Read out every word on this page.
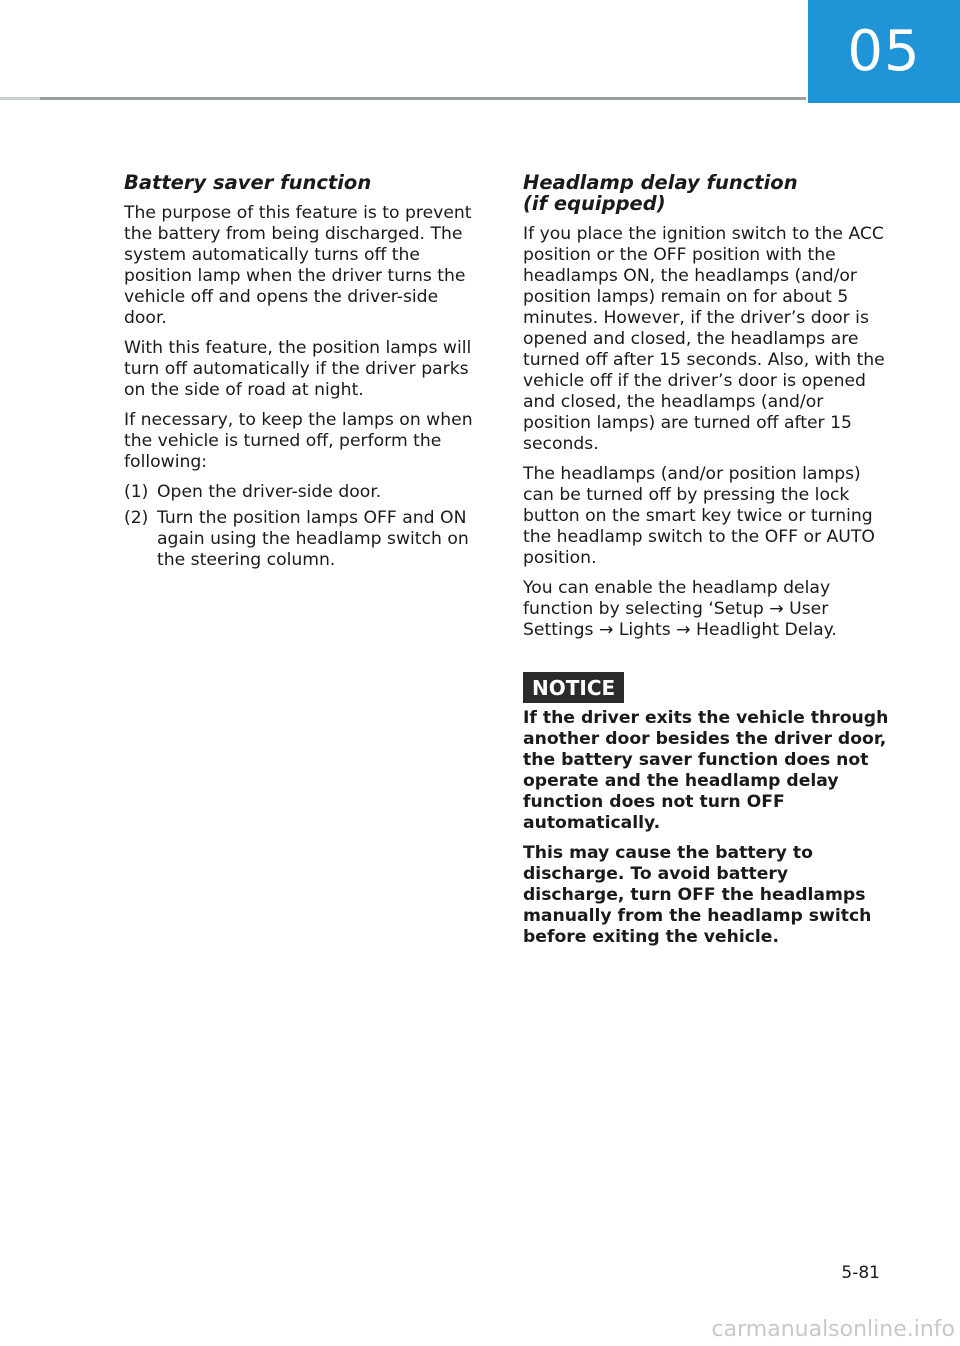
05
Battery saver function

The purpose of this feature is to prevent the battery from being discharged. The system automatically turns off the position lamp when the driver turns the vehicle off and opens the driver-side door.

With this feature, the position lamps will turn off automatically if the driver parks on the side of road at night.

If necessary, to keep the lamps on when the vehicle is turned off, perform the following:

(1) Open the driver-side door.
(2) Turn the position lamps OFF and ON again using the headlamp switch on the steering column.
Headlamp delay function
(if equipped)

If you place the ignition switch to the ACC position or the OFF position with the headlamps ON, the headlamps (and/or position lamps) remain on for about 5 minutes. However, if the driver’s door is opened and closed, the headlamps are turned off after 15 seconds. Also, with the vehicle off if the driver’s door is opened and closed, the headlamps (and/or position lamps) are turned off after 15 seconds.

The headlamps (and/or position lamps) can be turned off by pressing the lock button on the smart key twice or turning the headlamp switch to the OFF or AUTO position.

You can enable the headlamp delay function by selecting ‘Setup → User Settings → Lights → Headlight Delay.

NOTICE

If the driver exits the vehicle through another door besides the driver door, the battery saver function does not operate and the headlamp delay function does not turn OFF automatically.

This may cause the battery to discharge. To avoid battery discharge, turn OFF the headlamps manually from the headlamp switch before exiting the vehicle.

5-81
carmanualsonline.info
